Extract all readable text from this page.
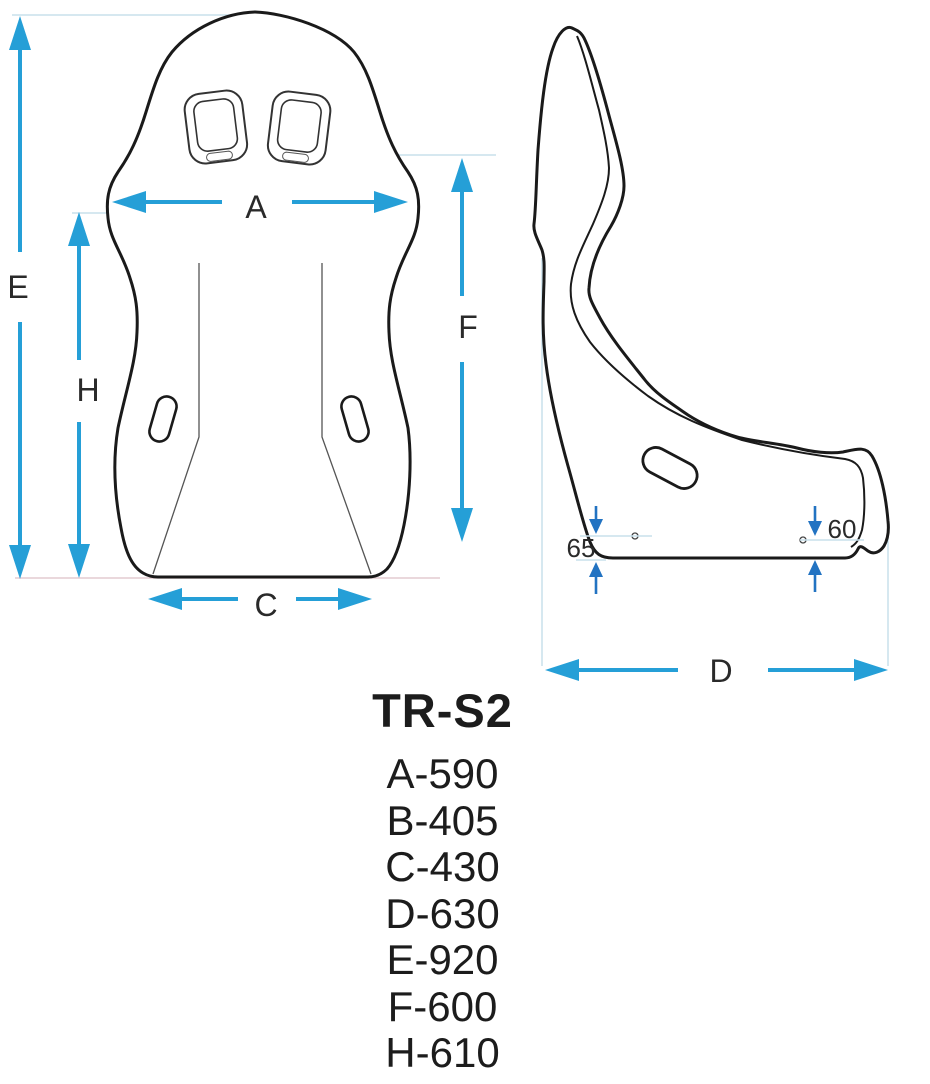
E
H
A
F
C
65
60
D
TR-S2
A-590
B-405
C-430
D-630
E-920
F-600
H-610
